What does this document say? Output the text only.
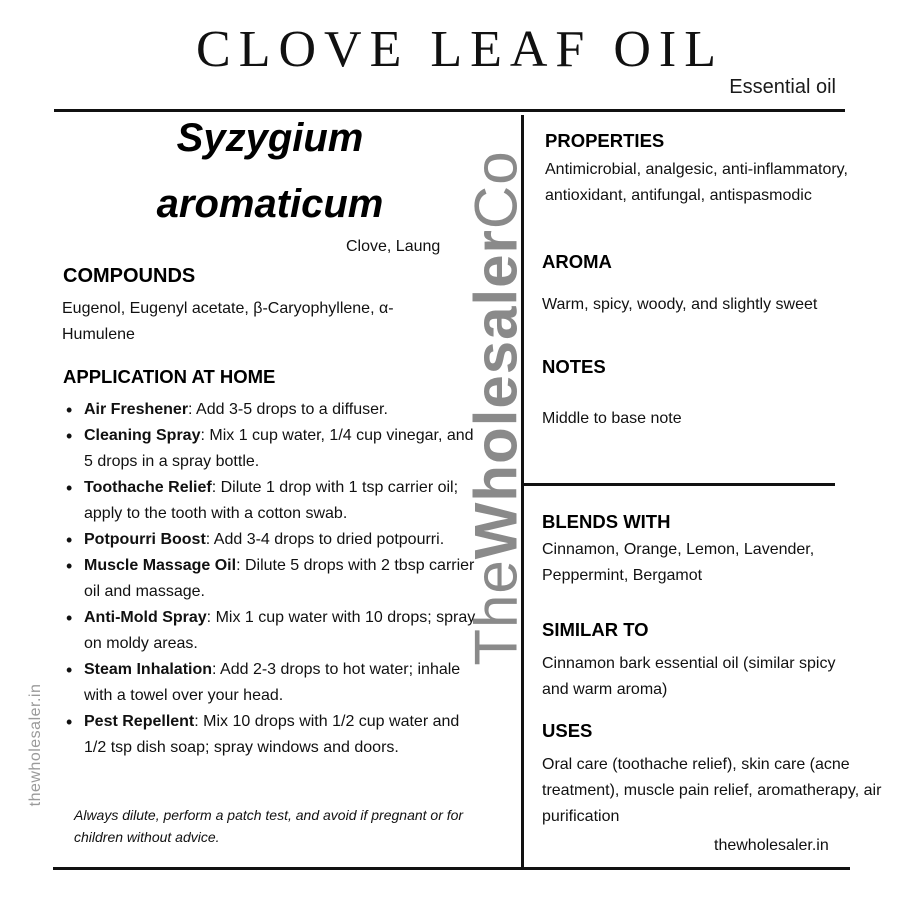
CLOVE LEAF OIL
Essential oil
TheWholesalerCo
thewholesaler.in
Syzygium
aromaticum
Clove, Laung
COMPOUNDS
Eugenol, Eugenyl acetate, β-Caryophyllene, α-
Humulene
APPLICATION AT HOME
• Air Freshener: Add 3-5 drops to a diffuser.
• Cleaning Spray: Mix 1 cup water, 1/4 cup vinegar, and 5 drops in a spray bottle.
• Toothache Relief: Dilute 1 drop with 1 tsp carrier oil; apply to the tooth with a cotton swab.
• Potpourri Boost: Add 3-4 drops to dried potpourri.
• Muscle Massage Oil: Dilute 5 drops with 2 tbsp carrier oil and massage.
• Anti-Mold Spray: Mix 1 cup water with 10 drops; spray on moldy areas.
• Steam Inhalation: Add 2-3 drops to hot water; inhale with a towel over your head.
• Pest Repellent: Mix 10 drops with 1/2 cup water and 1/2 tsp dish soap; spray windows and doors.
Always dilute, perform a patch test, and avoid if pregnant or for children without advice.
PROPERTIES
Antimicrobial, analgesic, anti-inflammatory, antioxidant, antifungal, antispasmodic
AROMA
Warm, spicy, woody, and slightly sweet
NOTES
Middle to base note
BLENDS WITH
Cinnamon, Orange, Lemon, Lavender, Peppermint, Bergamot
SIMILAR TO
Cinnamon bark essential oil (similar spicy and warm aroma)
USES
Oral care (toothache relief), skin care (acne treatment), muscle pain relief, aromatherapy, air purification
thewholesaler.in
